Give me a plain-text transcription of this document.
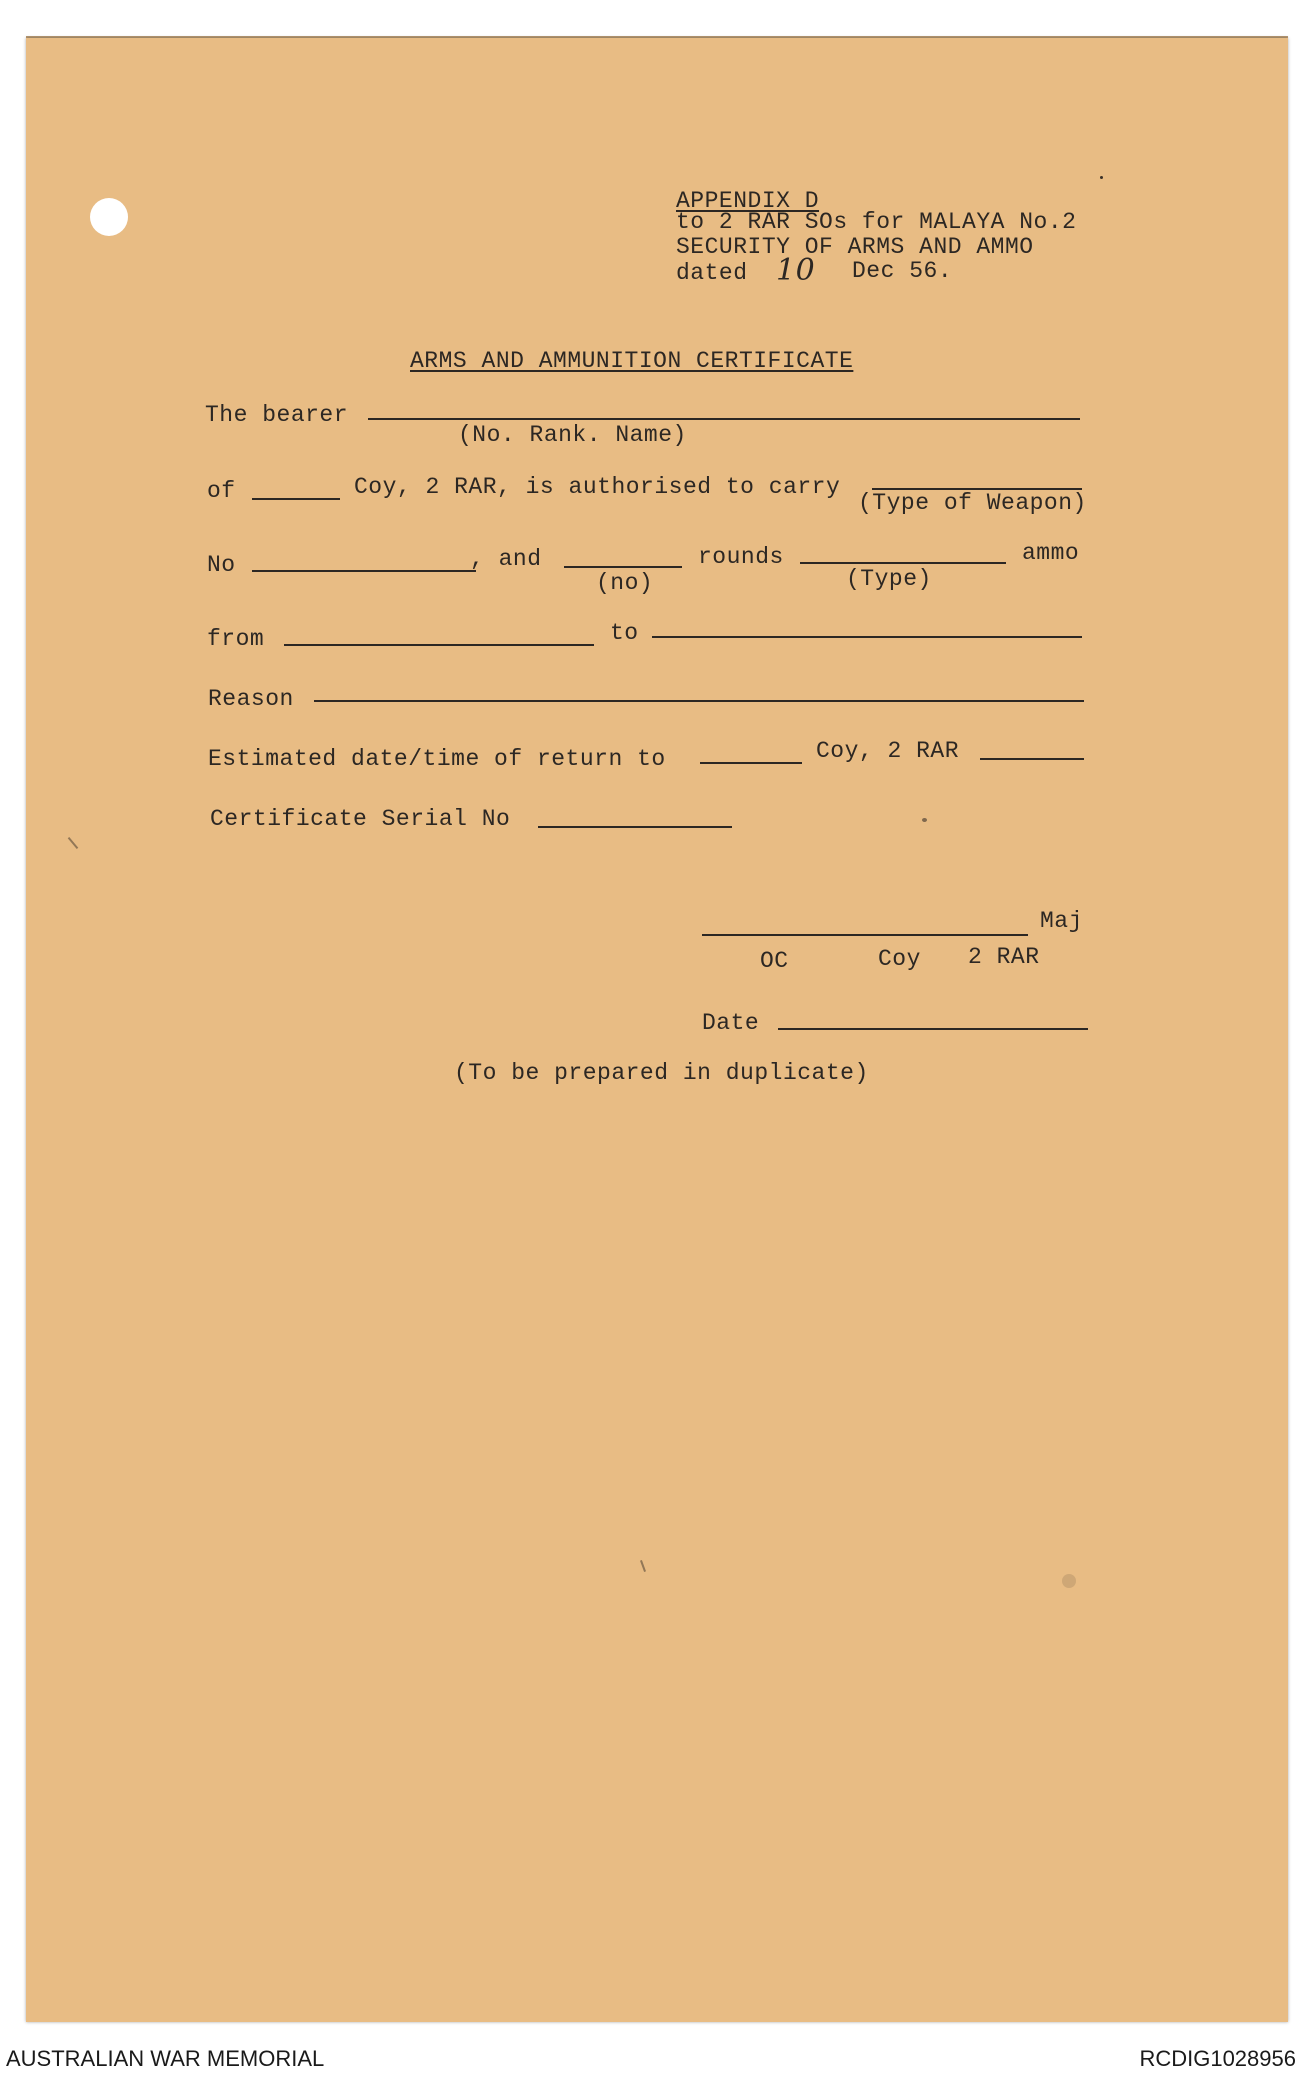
APPENDIX D
to 2 RAR SOs for MALAYA No.2
SECURITY OF ARMS AND AMMO
dated 10 Dec 56.
ARMS AND AMMUNITION CERTIFICATE
The bearer
(No. Rank. Name)
of	Coy, 2 RAR, is authorised to carry
(Type of Weapon)
No	, and
(no)
rounds
(Type)
ammo
from	to
Reason
Estimated date/time of return to	Coy, 2 RAR
Certificate Serial No
Maj
OC	Coy 2 RAR
Date
(To be prepared in duplicate)
AUSTRALIAN WAR MEMORIAL	RCDIG1028956
